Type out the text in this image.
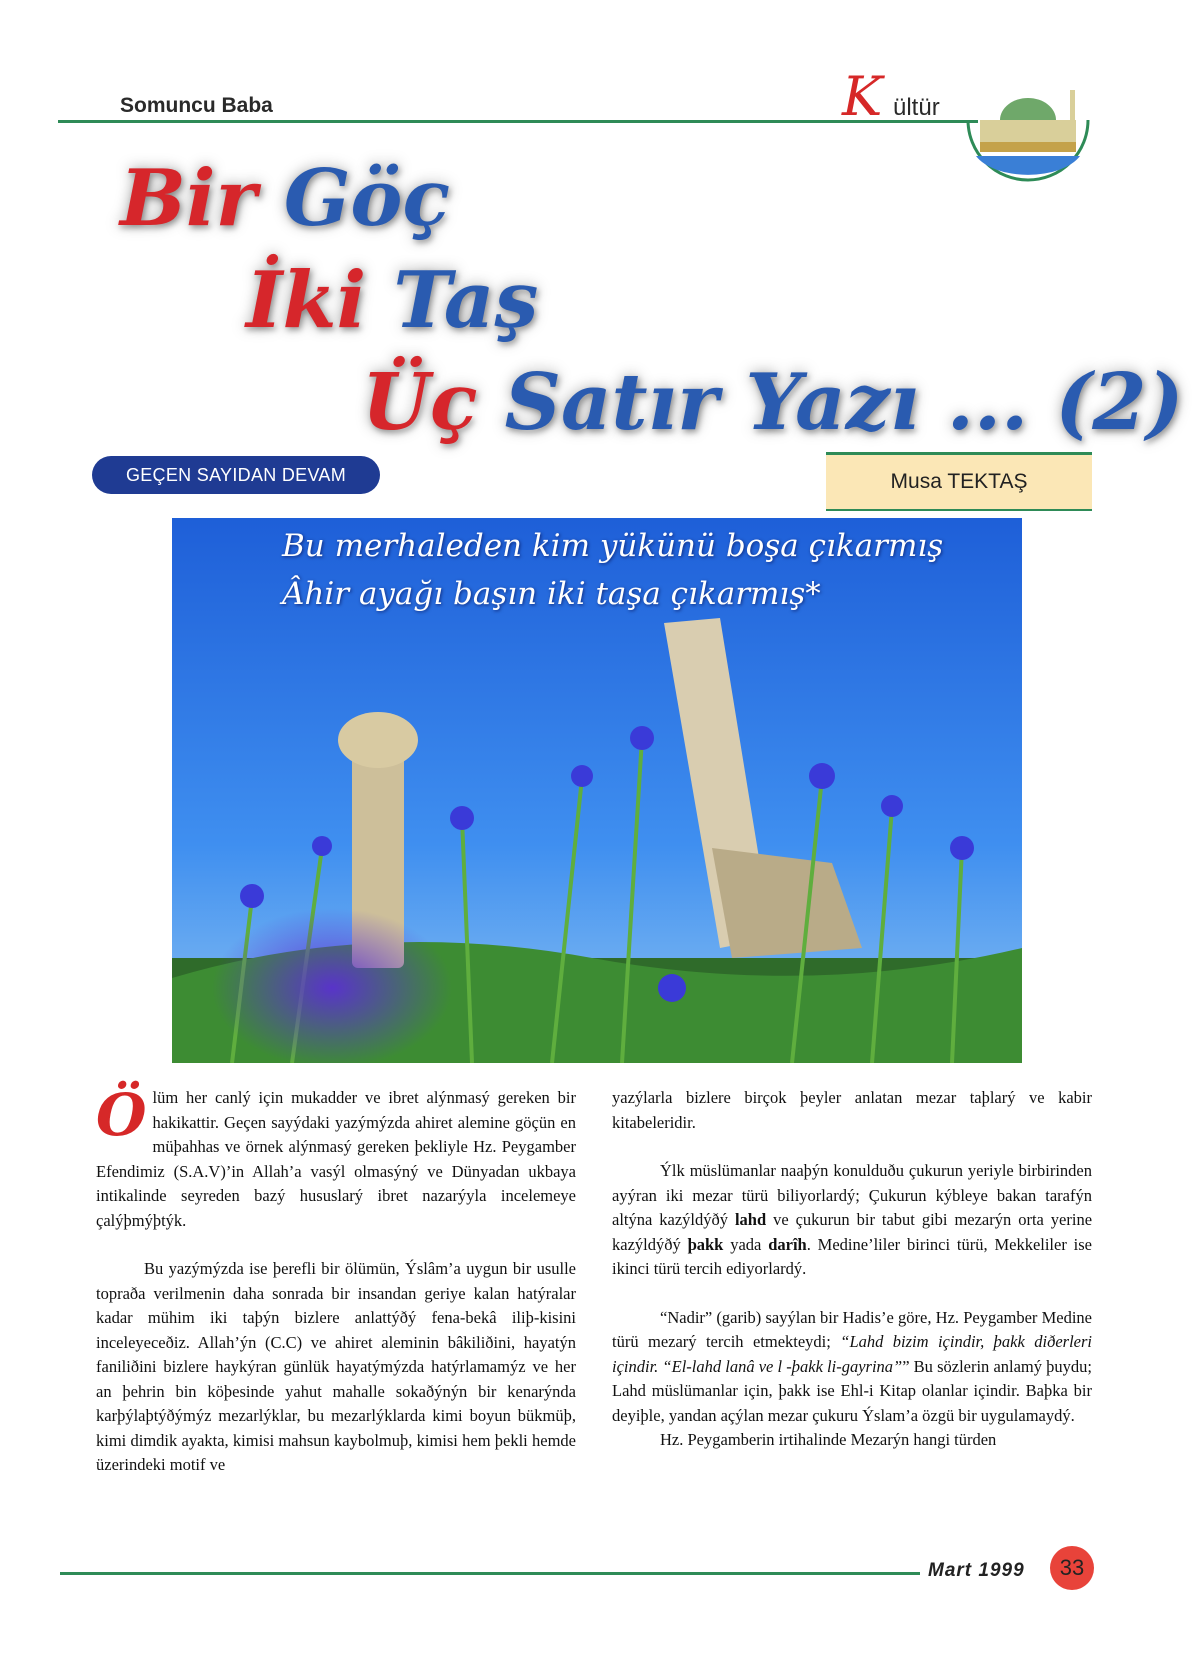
Somuncu Baba	K ültür
Bir Göç
İki Taş
Üç Satır Yazı ... (2)
GEÇEN SAYIDAN DEVAM	Musa TEKTAŞ
Bu merhaleden kim yükünü boşa çıkarmış
Âhir ayağı başın iki taşa çıkarmış*

Ö lüm her canlý için mukadder ve ibret alýnmasý gereken bir hakikattir. Geçen sayýdaki yazýmýzda ahiret alemine göçün en müþahhas ve örnek alýnmasý gereken þekliyle Hz. Peygamber Efendimiz (S.A.V)’in Allah’a vasýl olmasýný ve Dünyadan ukbaya intikalinde seyreden bazý hususlarý ibret nazarýyla incelemeye çalýþmýþtýk.

Bu yazýmýzda ise þerefli bir ölümün, Ýslâm’a uygun bir usulle topraða verilmenin daha sonrada bir insandan geriye kalan hatýralar kadar mühim iki taþýn bizlere anlattýðý fena-bekâ iliþ-kisini inceleyeceðiz. Allah’ýn (C.C) ve ahiret aleminin bâkiliðini, hayatýn faniliðini bizlere haykýran günlük hayatýmýzda hatýrlamamýz ve her an þehrin bin köþesinde yahut mahalle sokaðýnýn bir kenarýnda karþýlaþtýðýmýz mezarlýklar, bu mezarlýklarda kimi boyun bükmüþ, kimi dimdik ayakta, kimisi mahsun kaybolmuþ, kimisi hem þekli hemde üzerindeki motif ve

yazýlarla bizlere birçok þeyler anlatan mezar taþlarý ve kabir kitabeleridir.

Ýlk müslümanlar naaþýn konulduðu çukurun yeriyle birbirinden ayýran iki mezar türü biliyorlardý; Çukurun kýbleye bakan tarafýn altýna kazýldýðý lahd ve çukurun bir tabut gibi mezarýn orta yerine kazýldýðý þakk yada darîh. Medine’liler birinci türü, Mekkeliler ise ikinci türü tercih ediyorlardý.

“Nadir” (garib) sayýlan bir Hadis’e göre, Hz. Peygamber Medine türü mezarý tercih etmekteydi; “Lahd bizim içindir, þakk diðerleri içindir. “El-lahd lanâ ve l -þakk li-gayrina”” Bu sözlerin anlamý þuydu; Lahd müslümanlar için, þakk ise Ehl-i Kitap olanlar içindir. Baþka bir deyiþle, yandan açýlan mezar çukuru Ýslam’a özgü bir uygulamaydý.

Hz. Peygamberin irtihalinde Mezarýn hangi türden

Mart 1999	33
